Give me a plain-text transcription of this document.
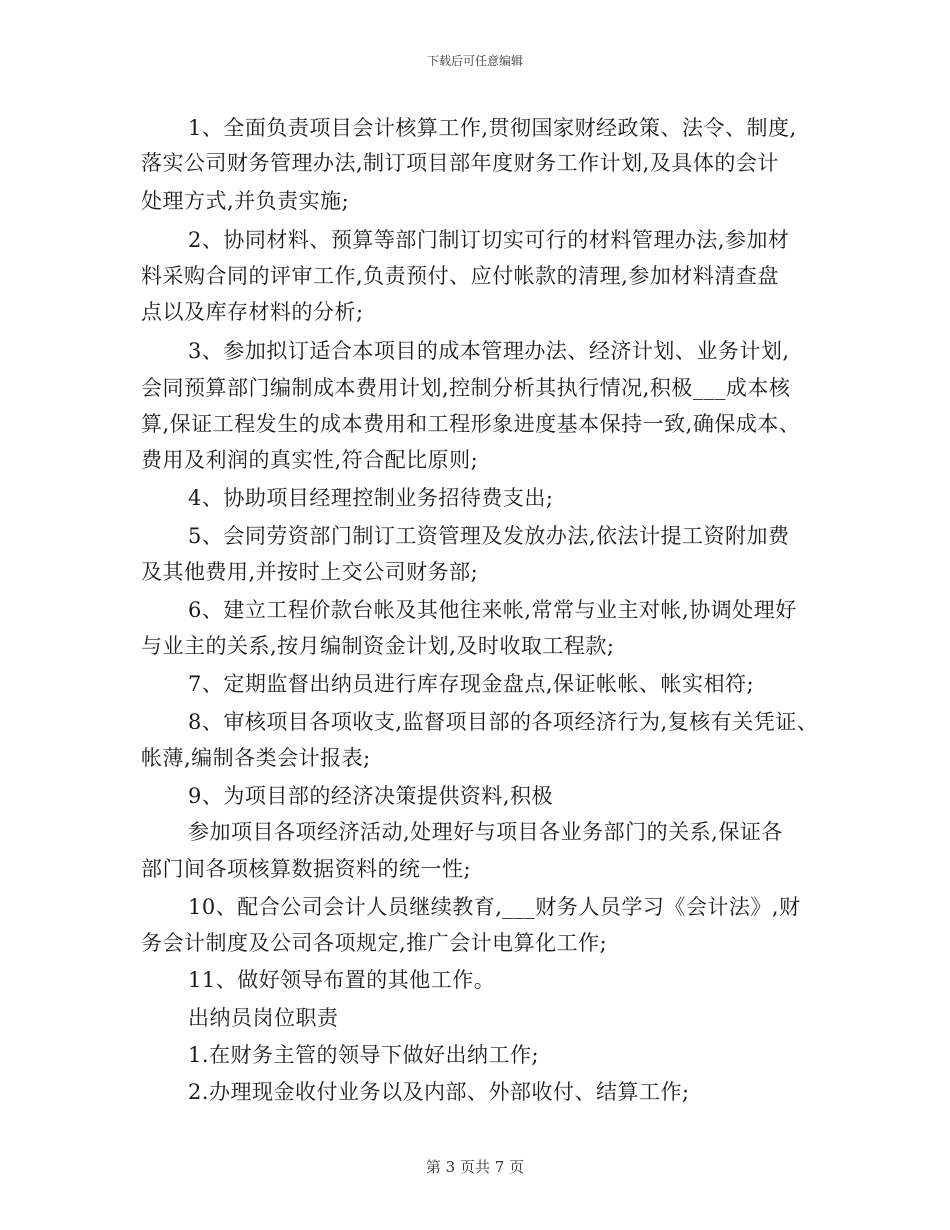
下载后可任意编辑
1、全面负责项目会计核算工作,贯彻国家财经政策、法令、制度,
落实公司财务管理办法,制订项目部年度财务工作计划,及具体的会计
处理方式,并负责实施;
2、协同材料、预算等部门制订切实可行的材料管理办法,参加材
料采购合同的评审工作,负责预付、应付帐款的清理,参加材料清查盘
点以及库存材料的分析;
3、参加拟订适合本项目的成本管理办法、经济计划、业务计划,
会同预算部门编制成本费用计划,控制分析其执行情况,积极___成本核
算,保证工程发生的成本费用和工程形象进度基本保持一致,确保成本、
费用及利润的真实性,符合配比原则;
4、协助项目经理控制业务招待费支出;
5、会同劳资部门制订工资管理及发放办法,依法计提工资附加费
及其他费用,并按时上交公司财务部;
6、建立工程价款台帐及其他往来帐,常常与业主对帐,协调处理好
与业主的关系,按月编制资金计划,及时收取工程款;
7、定期监督出纳员进行库存现金盘点,保证帐帐、帐实相符;
8、审核项目各项收支,监督项目部的各项经济行为,复核有关凭证、
帐薄,编制各类会计报表;
9、为项目部的经济决策提供资料,积极
参加项目各项经济活动,处理好与项目各业务部门的关系,保证各
部门间各项核算数据资料的统一性;
10、配合公司会计人员继续教育,___财务人员学习《会计法》,财
务会计制度及公司各项规定,推广会计电算化工作;
11、做好领导布置的其他工作。
出纳员岗位职责
1.在财务主管的领导下做好出纳工作;
2.办理现金收付业务以及内部、外部收付、结算工作;
第 3 页共 7 页
